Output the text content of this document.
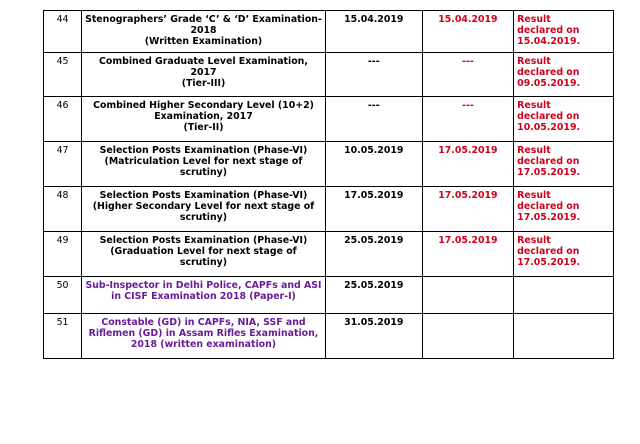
44	Stenographers’ Grade ‘C’ & ‘D’ Examination-
2018
(Written Examination)	15.04.2019	15.04.2019	Result
declared on
15.04.2019.

45	Combined Graduate Level Examination, 2017
(Tier-III)	---	---	Result
declared on
09.05.2019.

46	Combined Higher Secondary Level (10+2)
Examination, 2017
(Tier-II)	---	---	Result
declared on
10.05.2019.

47	Selection Posts Examination (Phase-VI)
(Matriculation Level for next stage of
scrutiny)	10.05.2019	17.05.2019	Result
declared on
17.05.2019.

48	Selection Posts Examination (Phase-VI)
(Higher Secondary Level for next stage of
scrutiny)	17.05.2019	17.05.2019	Result
declared on
17.05.2019.

49	Selection Posts Examination (Phase-VI)
(Graduation Level for next stage of scrutiny)	25.05.2019	17.05.2019	Result
declared on
17.05.2019.

50	Sub-Inspector in Delhi Police, CAPFs and ASI
in CISF Examination 2018 (Paper-I)	25.05.2019		
51	Constable (GD) in CAPFs, NIA, SSF and
Riflemen (GD) in Assam Rifles Examination,
2018 (written examination)	31.05.2019		
